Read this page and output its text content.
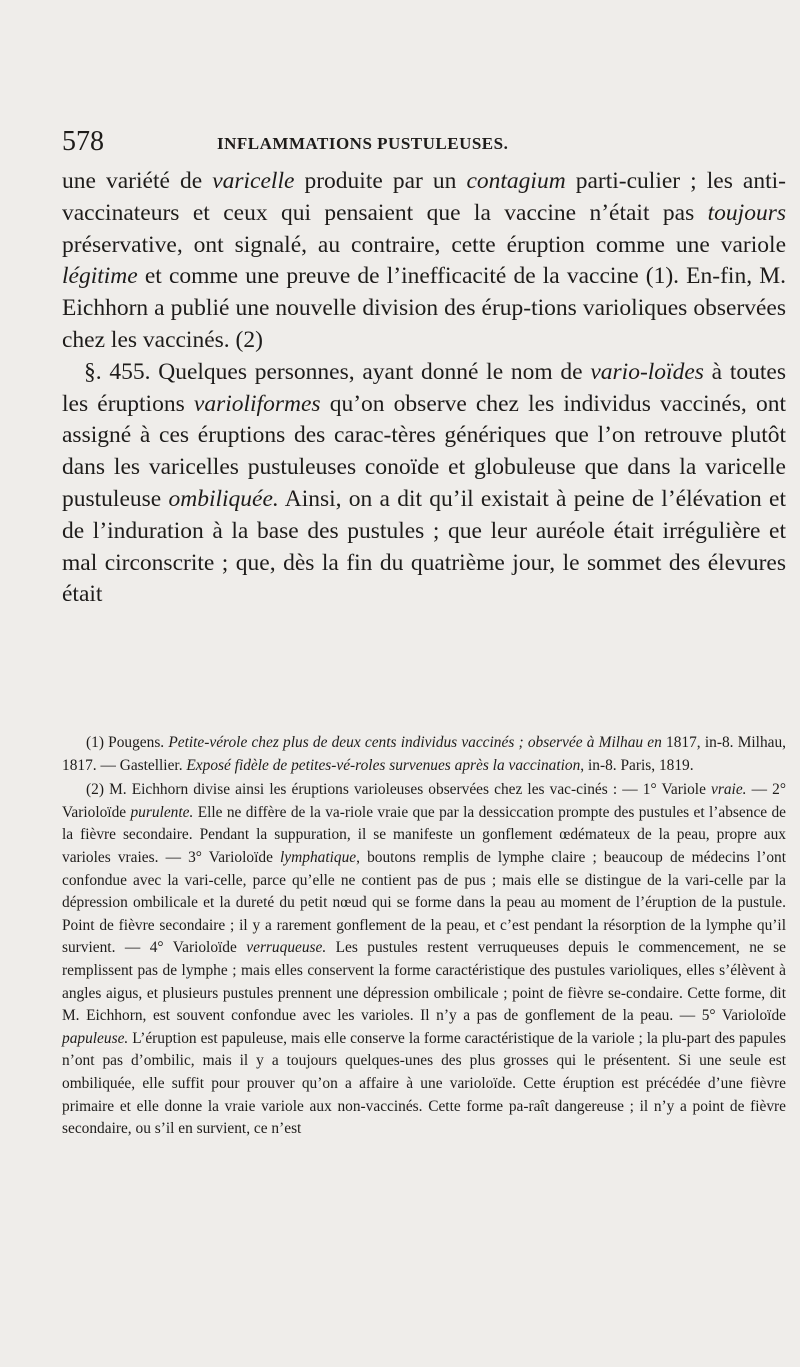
578	INFLAMMATIONS PUSTULEUSES.

une variété de varicelle produite par un contagium parti-culier ; les anti-vaccinateurs et ceux qui pensaient que la vaccine n’était pas toujours préservative, ont signalé, au contraire, cette éruption comme une variole légitime et comme une preuve de l’inefficacité de la vaccine (1). En-fin, M. Eichhorn a publié une nouvelle division des érup-tions varioliques observées chez les vaccinés. (2)

§. 455. Quelques personnes, ayant donné le nom de vario-loïdes à toutes les éruptions varioliformes qu’on observe chez les individus vaccinés, ont assigné à ces éruptions des carac-tères génériques que l’on retrouve plutôt dans les varicelles pustuleuses conoïde et globuleuse que dans la varicelle pustuleuse ombiliquée. Ainsi, on a dit qu’il existait à peine de l’élévation et de l’induration à la base des pustules ; que leur auréole était irrégulière et mal circonscrite ; que, dès la fin du quatrième jour, le sommet des élevures était

(1) Pougens. Petite-vérole chez plus de deux cents individus vaccinés ; observée à Milhau en 1817, in-8. Milhau, 1817. — Gastellier. Exposé fidèle de petites-vé-roles survenues après la vaccination, in-8. Paris, 1819.

(2) M. Eichhorn divise ainsi les éruptions varioleuses observées chez les vac-cinés : — 1° Variole vraie. — 2° Varioloïde purulente. Elle ne diffère de la va-riole vraie que par la dessiccation prompte des pustules et l’absence de la fièvre secondaire. Pendant la suppuration, il se manifeste un gonflement œdémateux de la peau, propre aux varioles vraies. — 3° Varioloïde lymphatique, boutons remplis de lymphe claire ; beaucoup de médecins l’ont confondue avec la vari-celle, parce qu’elle ne contient pas de pus ; mais elle se distingue de la vari-celle par la dépression ombilicale et la dureté du petit nœud qui se forme dans la peau au moment de l’éruption de la pustule. Point de fièvre secondaire ; il y a rarement gonflement de la peau, et c’est pendant la résorption de la lymphe qu’il survient. — 4° Varioloïde verruqueuse. Les pustules restent verruqueuses depuis le commencement, ne se remplissent pas de lymphe ; mais elles conservent la forme caractéristique des pustules varioliques, elles s’élèvent à angles aigus, et plusieurs pustules prennent une dépression ombilicale ; point de fièvre se-condaire. Cette forme, dit M. Eichhorn, est souvent confondue avec les varioles. Il n’y a pas de gonflement de la peau. — 5° Varioloïde papuleuse. L’éruption est papuleuse, mais elle conserve la forme caractéristique de la variole ; la plu-part des papules n’ont pas d’ombilic, mais il y a toujours quelques-unes des plus grosses qui le présentent. Si une seule est ombiliquée, elle suffit pour prouver qu’on a affaire à une varioloïde. Cette éruption est précédée d’une fièvre primaire et elle donne la vraie variole aux non-vaccinés. Cette forme pa-raît dangereuse ; il n’y a point de fièvre secondaire, ou s’il en survient, ce n’est
